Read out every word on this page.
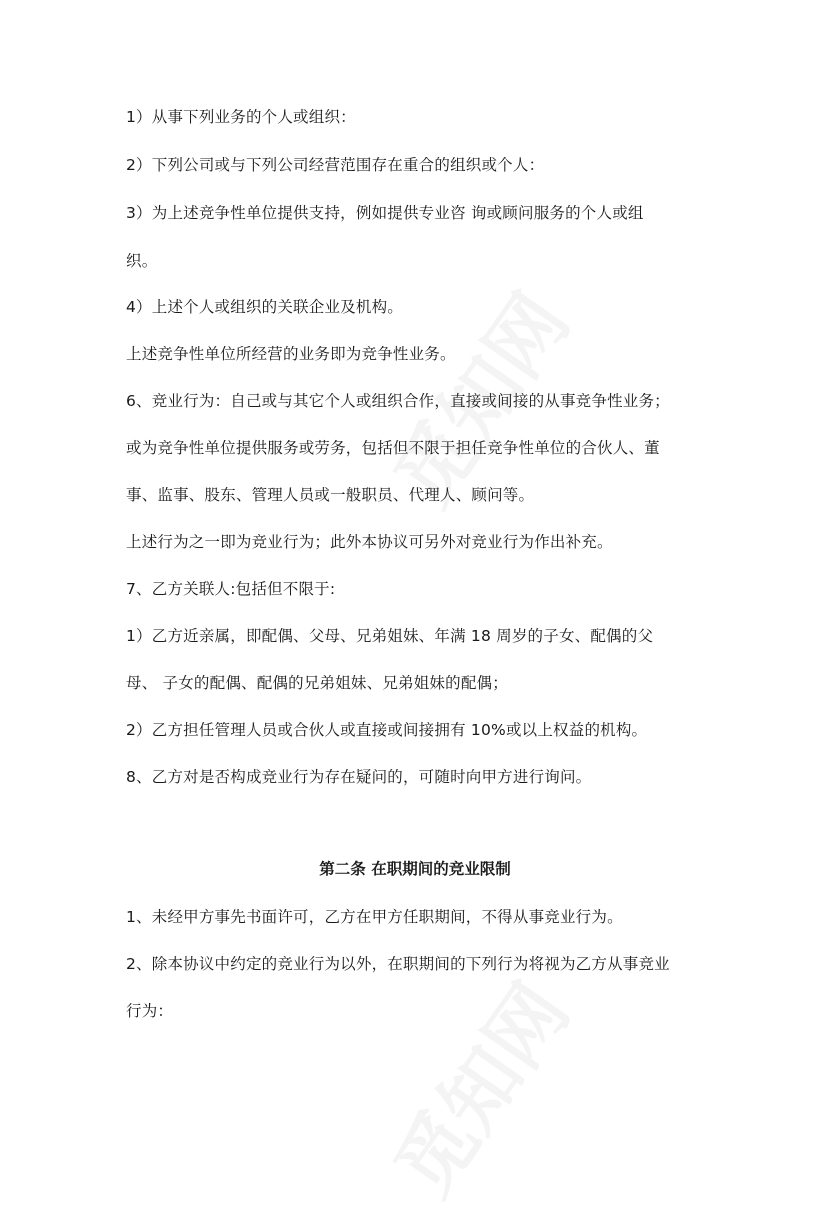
1）从事下列业务的个人或组织：
2）下列公司或与下列公司经营范围存在重合的组织或个人：
3）为上述竞争性单位提供支持，例如提供专业咨 询或顾问服务的个人或组
织。
4）上述个人或组织的关联企业及机构。
上述竞争性单位所经营的业务即为竞争性业务。
6、竞业行为：自己或与其它个人或组织合作，直接或间接的从事竞争性业务；
或为竞争性单位提供服务或劳务，包括但不限于担任竞争性单位的合伙人、董
事、监事、股东、管理人员或一般职员、代理人、顾问等。
上述行为之一即为竞业行为；此外本协议可另外对竞业行为作出补充。
7、乙方关联人:包括但不限于:
1）乙方近亲属，即配偶、父母、兄弟姐妹、年满 18 周岁的子女、配偶的父
母、 子女的配偶、配偶的兄弟姐妹、兄弟姐妹的配偶；
2）乙方担任管理人员或合伙人或直接或间接拥有 10%或以上权益的机构。
8、乙方对是否构成竞业行为存在疑问的，可随时向甲方进行询问。
第二条 在职期间的竞业限制
1、未经甲方事先书面许可，乙方在甲方任职期间，不得从事竞业行为。
2、除本协议中约定的竞业行为以外，在职期间的下列行为将视为乙方从事竞业
行为：
